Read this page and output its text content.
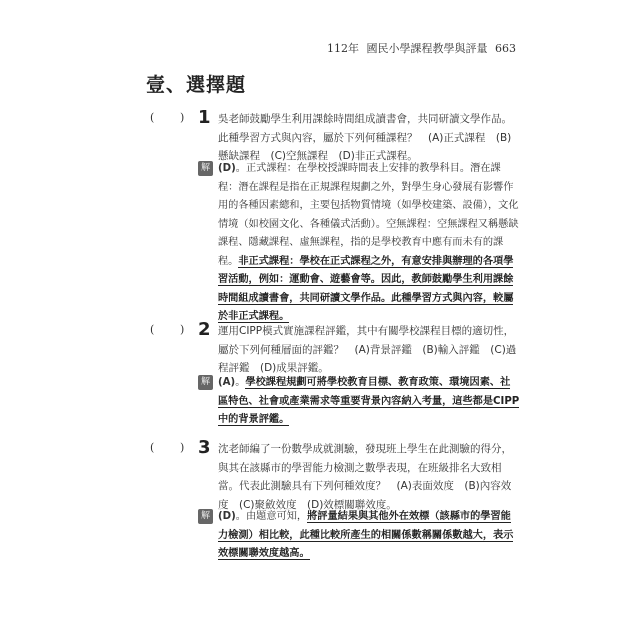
112年 國民小學課程教學與評量 663
壹、選擇題
( ) 1 吳老師鼓勵學生利用課餘時間組成讀書會，共同研讀文學作品。此種學習方式與內容，屬於下列何種課程？　(A)正式課程　(B)懸缺課程　(C)空無課程　(D)非正式課程。
解 (D)。正式課程：在學校授課時間表上安排的教學科目。潛在課程：潛在課程是指在正規課程規劃之外，對學生身心發展有影響作用的各種因素總和，主要包括物質情境（如學校建築、設備），文化情境（如校園文化、各種儀式活動）。空無課程：空無課程又稱懸缺課程、隱藏課程、虛無課程，指的是學校教育中應有而未有的課程。非正式課程：學校在正式課程之外，有意安排與辦理的各項學習活動，例如：運動會、遊藝會等。因此，教師鼓勵學生利用課餘時間組成讀書會，共同研讀文學作品。此種學習方式與內容，較屬於非正式課程。
( ) 2 運用CIPP模式實施課程評鑑，其中有關學校課程目標的適切性，屬於下列何種層面的評鑑？　(A)背景評鑑　(B)輸入評鑑　(C)過程評鑑　(D)成果評鑑。
解 (A)。學校課程規劃可將學校教育目標、教育政策、環境因素、社區特色、社會或產業需求等重要背景內容納入考量，這些都是CIPP中的背景評鑑。
( ) 3 沈老師編了一份數學成就測驗，發現班上學生在此測驗的得分，與其在該縣市的學習能力檢測之數學表現，在班級排名大致相當。代表此測驗具有下列何種效度？　(A)表面效度　(B)內容效度　(C)聚斂效度　(D)效標關聯效度。
解 (D)。由題意可知，將評量結果與其他外在效標（該縣市的學習能力檢測）相比較，此種比較所產生的相關係數稱關係數越大，表示效標關聯效度越高。
